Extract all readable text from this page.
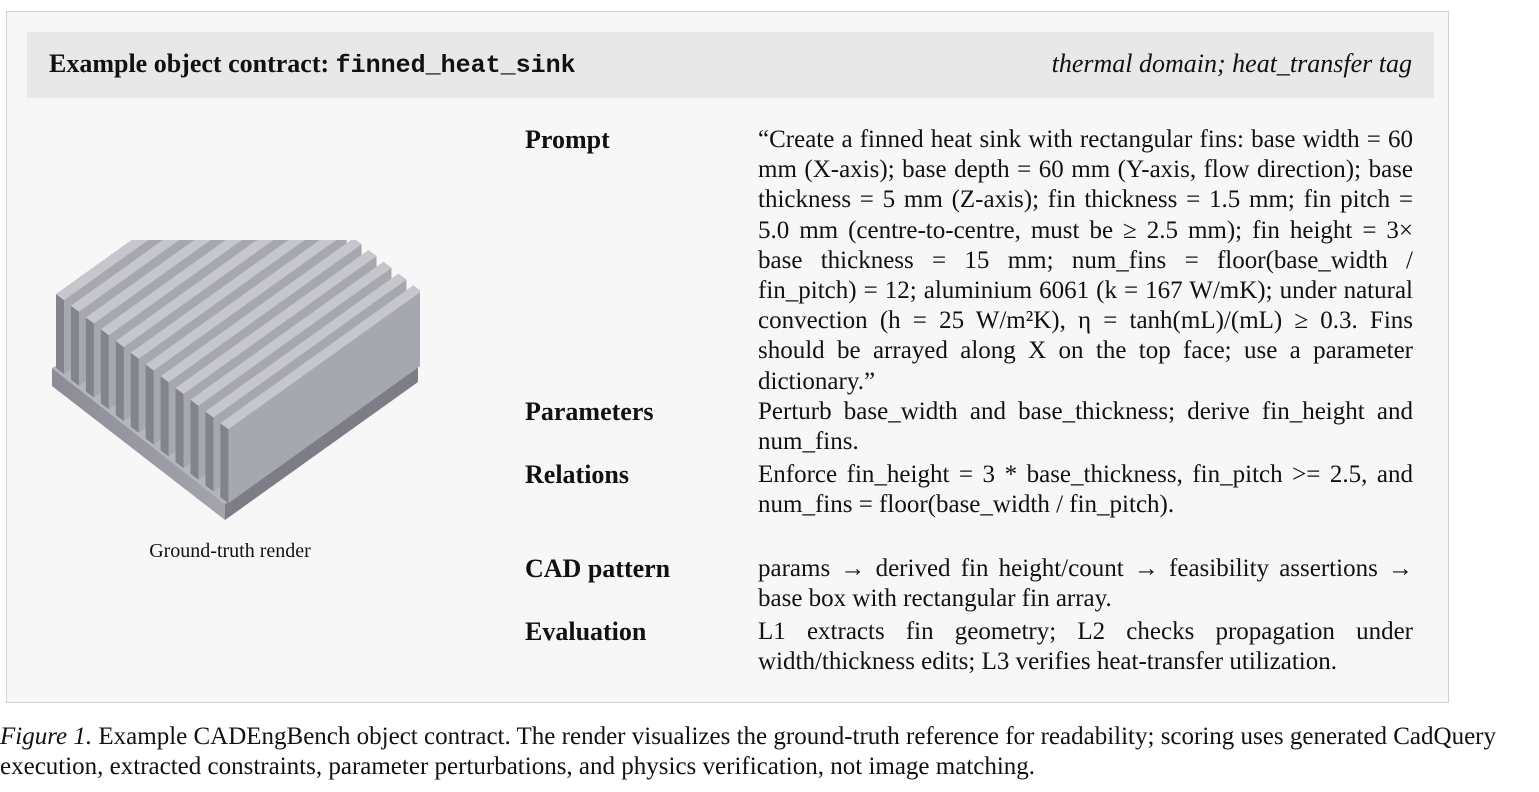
Example object contract: finned_heat_sink	thermal domain; heat_transfer tag
Ground-truth render
Prompt	“Create a finned heat sink with rectangular fins: base width = 60 mm (X-axis); base depth = 60 mm (Y-axis, flow direction); base thickness = 5 mm (Z-axis); fin thickness = 1.5 mm; fin pitch = 5.0 mm (centre-to-centre, must be ≥ 2.5 mm); fin height = 3× base thickness = 15 mm; num_fins = floor(base_width / fin_pitch) = 12; aluminium 6061 (k = 167 W/mK); under natural convection (h = 25 W/m²K), η = tanh(mL)/(mL) ≥ 0.3. Fins should be arrayed along X on the top face; use a parameter dictionary.”
Parameters	Perturb base_width and base_thickness; derive fin_height and num_fins.
Relations	Enforce fin_height = 3 * base_thickness, fin_pitch >= 2.5, and num_fins = floor(base_width / fin_pitch).
CAD pattern	params → derived fin height/count → feasibility assertions → base box with rectangular fin array.
Evaluation	L1 extracts fin geometry; L2 checks propagation under width/thickness edits; L3 verifies heat-transfer utilization.
Figure 1. Example CADEngBench object contract. The render visualizes the ground-truth reference for readability; scoring uses generated CadQuery execution, extracted constraints, parameter perturbations, and physics verification, not image matching.
